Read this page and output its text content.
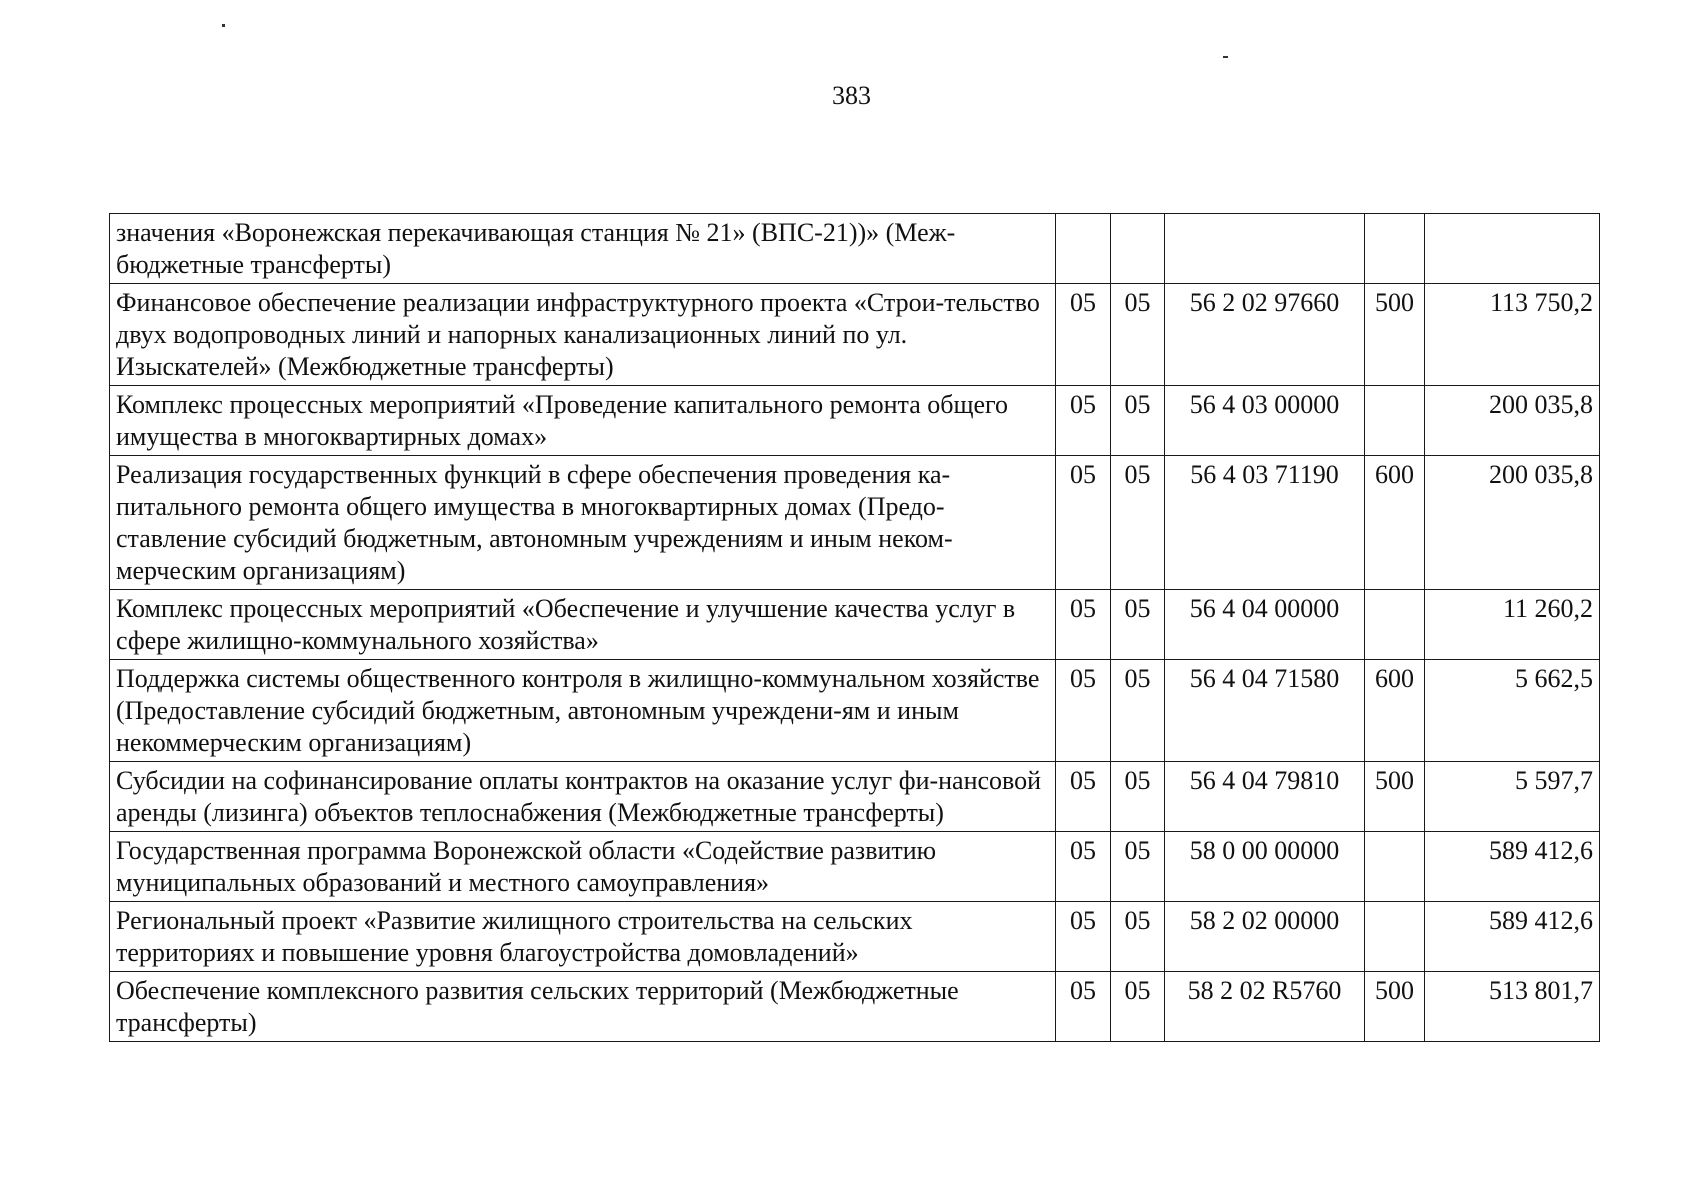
383
значения «Воронежская перекачивающая станция № 21» (ВПС-21))» (Меж-бюджетные трансферты)					
Финансовое обеспечение реализации инфраструктурного проекта «Строи-тельство двух водопроводных линий и напорных канализационных линий по ул. Изыскателей» (Межбюджетные трансферты)	05	05	56 2 02 97660	500	113 750,2
Комплекс процессных мероприятий «Проведение капитального ремонта общего имущества в многоквартирных домах»	05	05	56 4 03 00000		200 035,8
Реализация государственных функций в сфере обеспечения проведения ка-питального ремонта общего имущества в многоквартирных домах (Предо-ставление субсидий бюджетным, автономным учреждениям и иным неком-мерческим организациям)	05	05	56 4 03 71190	600	200 035,8
Комплекс процессных мероприятий «Обеспечение и улучшение качества услуг в сфере жилищно-коммунального хозяйства»	05	05	56 4 04 00000		11 260,2
Поддержка системы общественного контроля в жилищно-коммунальном хозяйстве (Предоставление субсидий бюджетным, автономным учреждени-ям и иным некоммерческим организациям)	05	05	56 4 04 71580	600	5 662,5
Субсидии на софинансирование оплаты контрактов на оказание услуг фи-нансовой аренды (лизинга) объектов теплоснабжения (Межбюджетные трансферты)	05	05	56 4 04 79810	500	5 597,7
Государственная программа Воронежской области «Содействие развитию муниципальных образований и местного самоуправления»	05	05	58 0 00 00000		589 412,6
Региональный проект «Развитие жилищного строительства на сельских территориях и повышение уровня благоустройства домовладений»	05	05	58 2 02 00000		589 412,6
Обеспечение комплексного развития сельских территорий (Межбюджетные трансферты)	05	05	58 2 02 R5760	500	513 801,7
